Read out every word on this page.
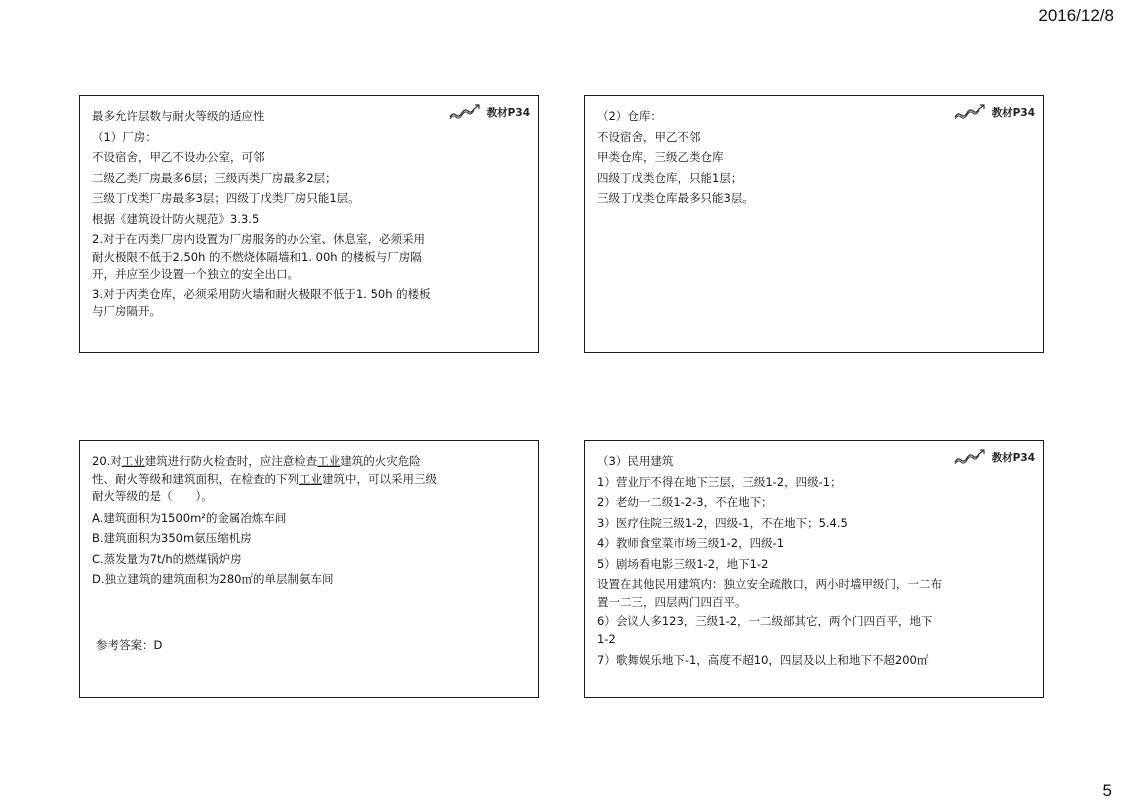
2016/12/8
教材P34
最多允许层数与耐火等级的适应性
（1）厂房：
不设宿舍，甲乙不设办公室，可邻
二级乙类厂房最多6层；三级丙类厂房最多2层；
三级丁戊类厂房最多3层；四级丁戊类厂房只能1层。
根据《建筑设计防火规范》3.3.5
2.对于在丙类厂房内设置为厂房服务的办公室、休息室，必须采用耐火极限不低于2.50h 的不燃烧体隔墙和1. 00h 的楼板与厂房隔开，并应至少设置一个独立的安全出口。
3.对于丙类仓库，必须采用防火墙和耐火极限不低于1. 50h 的楼板与厂房隔开。
教材P34
（2）仓库：
不设宿舍，甲乙不邻
甲类仓库，三级乙类仓库
四级丁戊类仓库，只能1层；
三级丁戊类仓库最多只能3层。
20.对工业建筑进行防火检查时，应注意检查工业建筑的火灾危险性、耐火等级和建筑面积，在检查的下列工业建筑中，可以采用三级耐火等级的是（　　）。
A.建筑面积为1500m²的金属冶炼车间
B.建筑面积为350m氨压缩机房
C.蒸发量为7t/h的燃煤锅炉房
D.独立建筑的建筑面积为280㎡的单层制氨车间
参考答案：D
教材P34
（3）民用建筑
1）营业厅不得在地下三层，三级1-2，四级-1；
2）老幼一二级1-2-3，不在地下；
3）医疗住院三级1-2，四级-1，不在地下；5.4.5
4）教师食堂菜市场三级1-2，四级-1
5）剧场看电影三级1-2，地下1-2
设置在其他民用建筑内：独立安全疏散口，两小时墙甲级门，一二布置一二三，四层两门四百平。
6）会议人多123，三级1-2，一二级部其它，两个门四百平，地下1-2
7）歌舞娱乐地下-1，高度不超10，四层及以上和地下不超200㎡
5
